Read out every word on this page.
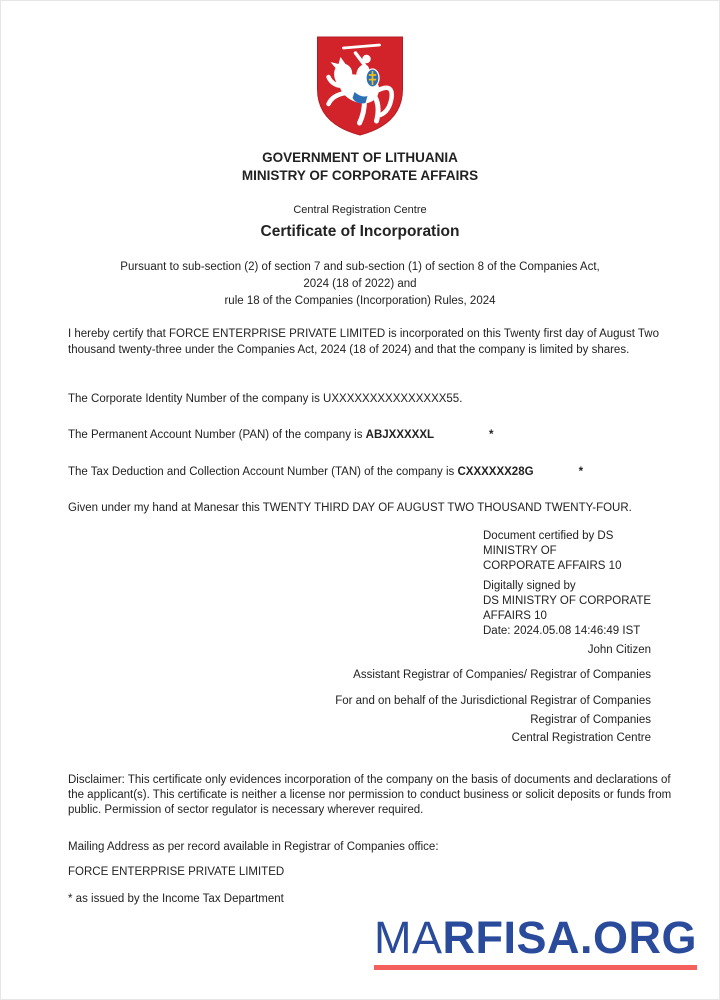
GOVERNMENT OF LITHUANIA
MINISTRY OF CORPORATE AFFAIRS
Central Registration Centre
Certificate of Incorporation
Pursuant to sub-section (2) of section 7 and sub-section (1) of section 8 of the Companies Act,
2024 (18 of 2022) and
rule 18 of the Companies (Incorporation) Rules, 2024
I hereby certify that FORCE ENTERPRISE PRIVATE LIMITED is incorporated on this Twenty first day of August Two thousand twenty-three under the Companies Act, 2024 (18 of 2024) and that the company is limited by shares.
The Corporate Identity Number of the company is UXXXXXXXXXXXXXXX55.
The Permanent Account Number (PAN) of the company is ABJXXXXXL	*
The Tax Deduction and Collection Account Number (TAN) of the company is CXXXXXX28G	*
Given under my hand at Manesar this TWENTY THIRD DAY OF AUGUST TWO THOUSAND TWENTY-FOUR.
Document certified by DS
MINISTRY OF
CORPORATE AFFAIRS 10
Digitally signed by
DS MINISTRY OF CORPORATE
AFFAIRS 10
Date: 2024.05.08 14:46:49 IST
John Citizen
Assistant Registrar of Companies/ Registrar of Companies
For and on behalf of the Jurisdictional Registrar of Companies
Registrar of Companies
Central Registration Centre
Disclaimer: This certificate only evidences incorporation of the company on the basis of documents and declarations of the applicant(s). This certificate is neither a license nor permission to conduct business or solicit deposits or funds from public. Permission of sector regulator is necessary wherever required.
Mailing Address as per record available in Registrar of Companies office:
FORCE ENTERPRISE PRIVATE LIMITED
* as issued by the Income Tax Department
MARFISA.ORG
